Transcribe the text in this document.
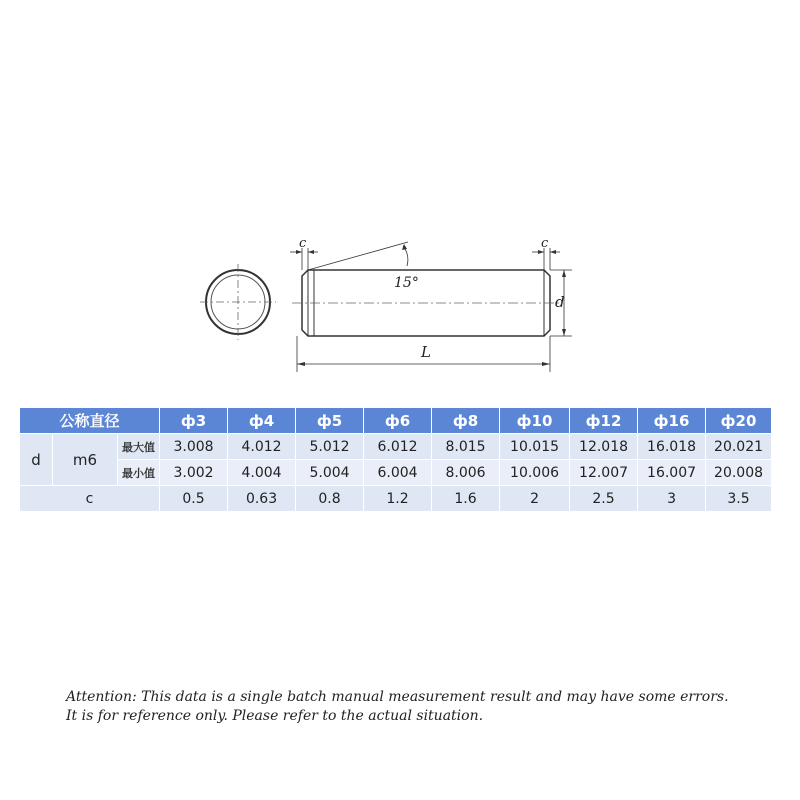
c	c
15°
d
L
公称直径			ф3	ф4	ф5	ф6	ф8	ф10	ф12	ф16	ф20
d	m6	最大值	3.008	4.012	5.012	6.012	8.015	10.015	12.018	16.018	20.021
		最小值	3.002	4.004	5.004	6.004	8.006	10.006	12.007	16.007	20.008
c			0.5	0.63	0.8	1.2	1.6	2	2.5	3	3.5
Attention: This data is a single batch manual measurement result and may have some errors.
It is for reference only. Please refer to the actual situation.
